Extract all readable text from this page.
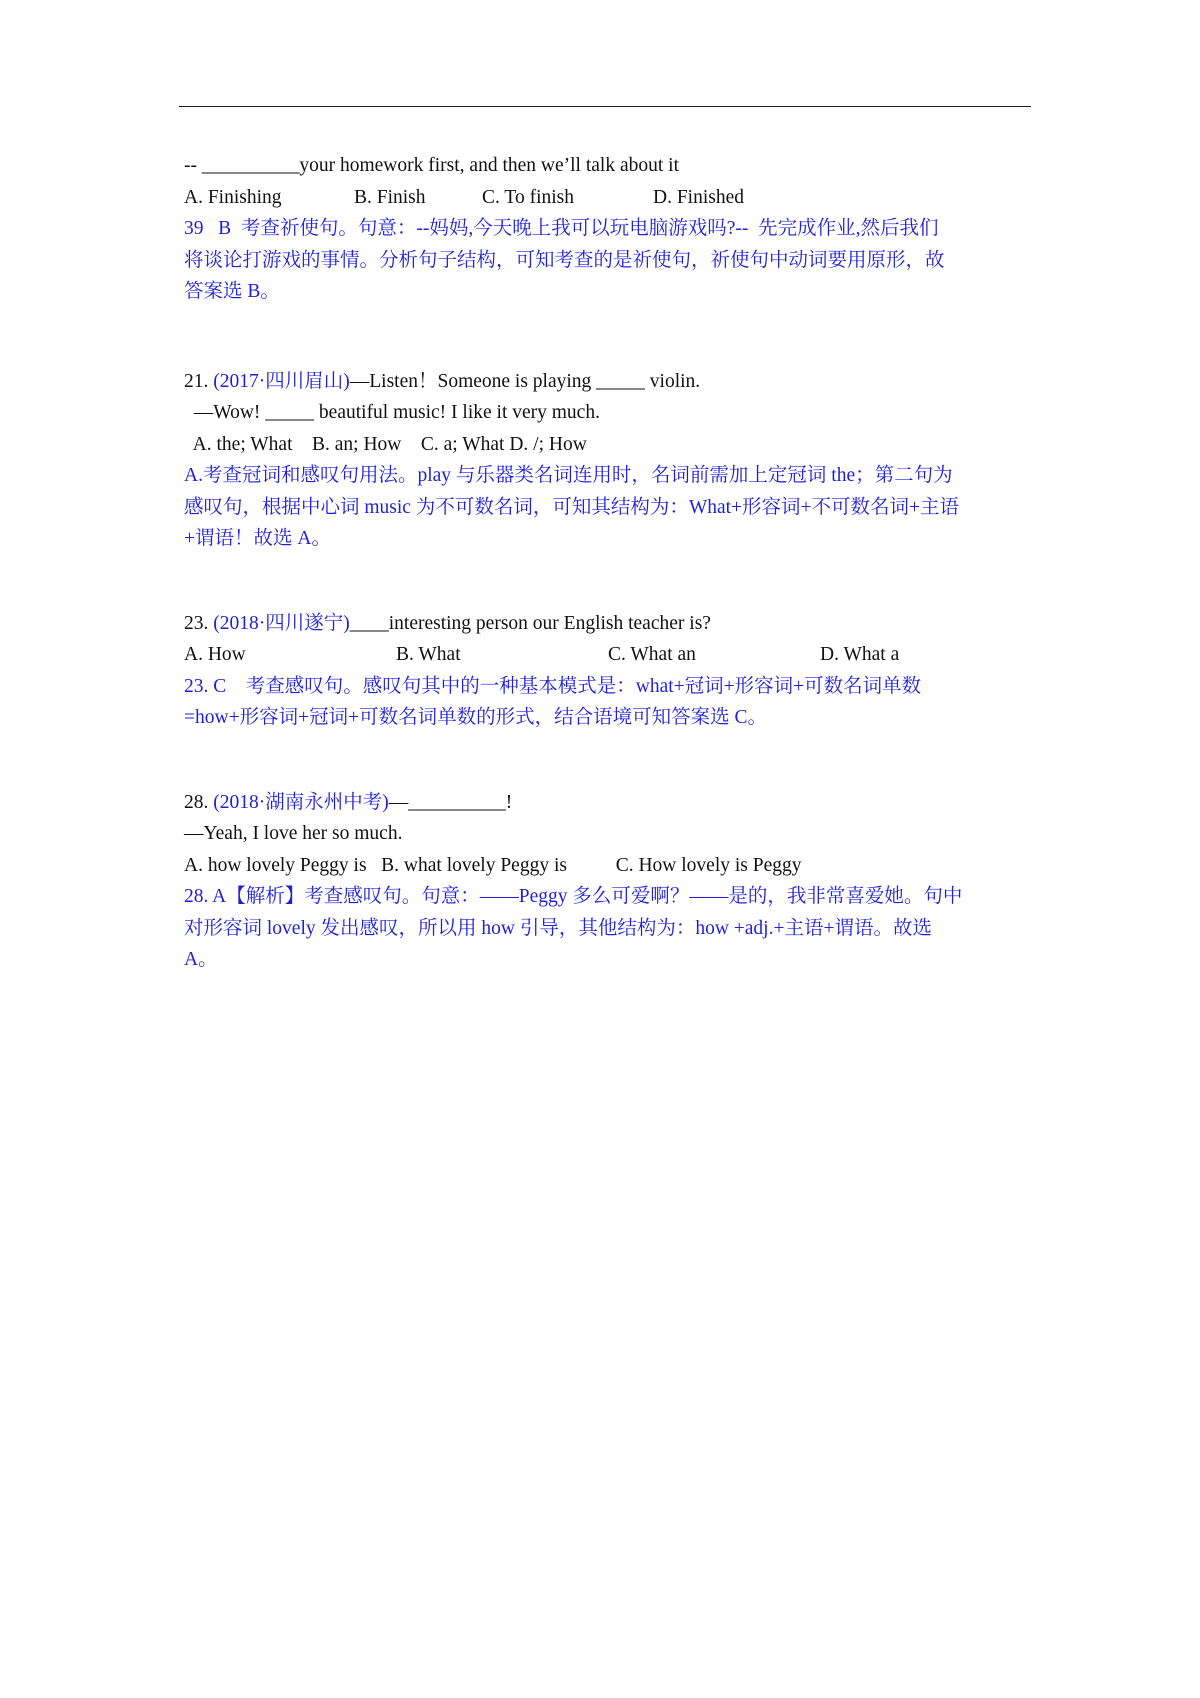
-- __________your homework first, and then we’ll talk about it

A. Finishing	B. Finish	C. To finish	D. Finished

39   B  考查祈使句。句意：--妈妈,今天晚上我可以玩电脑游戏吗?--  先完成作业,然后我们

将谈论打游戏的事情。分析句子结构，可知考查的是祈使句，祈使句中动词要用原形，故

答案选 B。

21. (2017·四川眉山)—Listen！Someone is playing _____ violin.

—Wow! _____ beautiful music! I like it very much.

A. the; What    B. an; How    C. a; What D. /; How

A.考查冠词和感叹句用法。play 与乐器类名词连用时，名词前需加上定冠词 the；第二句为

感叹句，根据中心词 music 为不可数名词，可知其结构为：What+形容词+不可数名词+主语

+谓语！故选 A。

23. (2018·四川遂宁)____interesting person our English teacher is?

A. How	B. What	C. What an	D. What a

23. C    考查感叹句。感叹句其中的一种基本模式是：what+冠词+形容词+可数名词单数

=how+形容词+冠词+可数名词单数的形式，结合语境可知答案选 C。

28. (2018·湖南永州中考)—__________!

—Yeah, I love her so much.

A. how lovely Peggy is   B. what lovely Peggy is          C. How lovely is Peggy

28. A【解析】考查感叹句。句意：——Peggy 多么可爱啊？——是的，我非常喜爱她。句中

对形容词 lovely 发出感叹，所以用 how 引导，其他结构为：how +adj.+主语+谓语。故选

A。
